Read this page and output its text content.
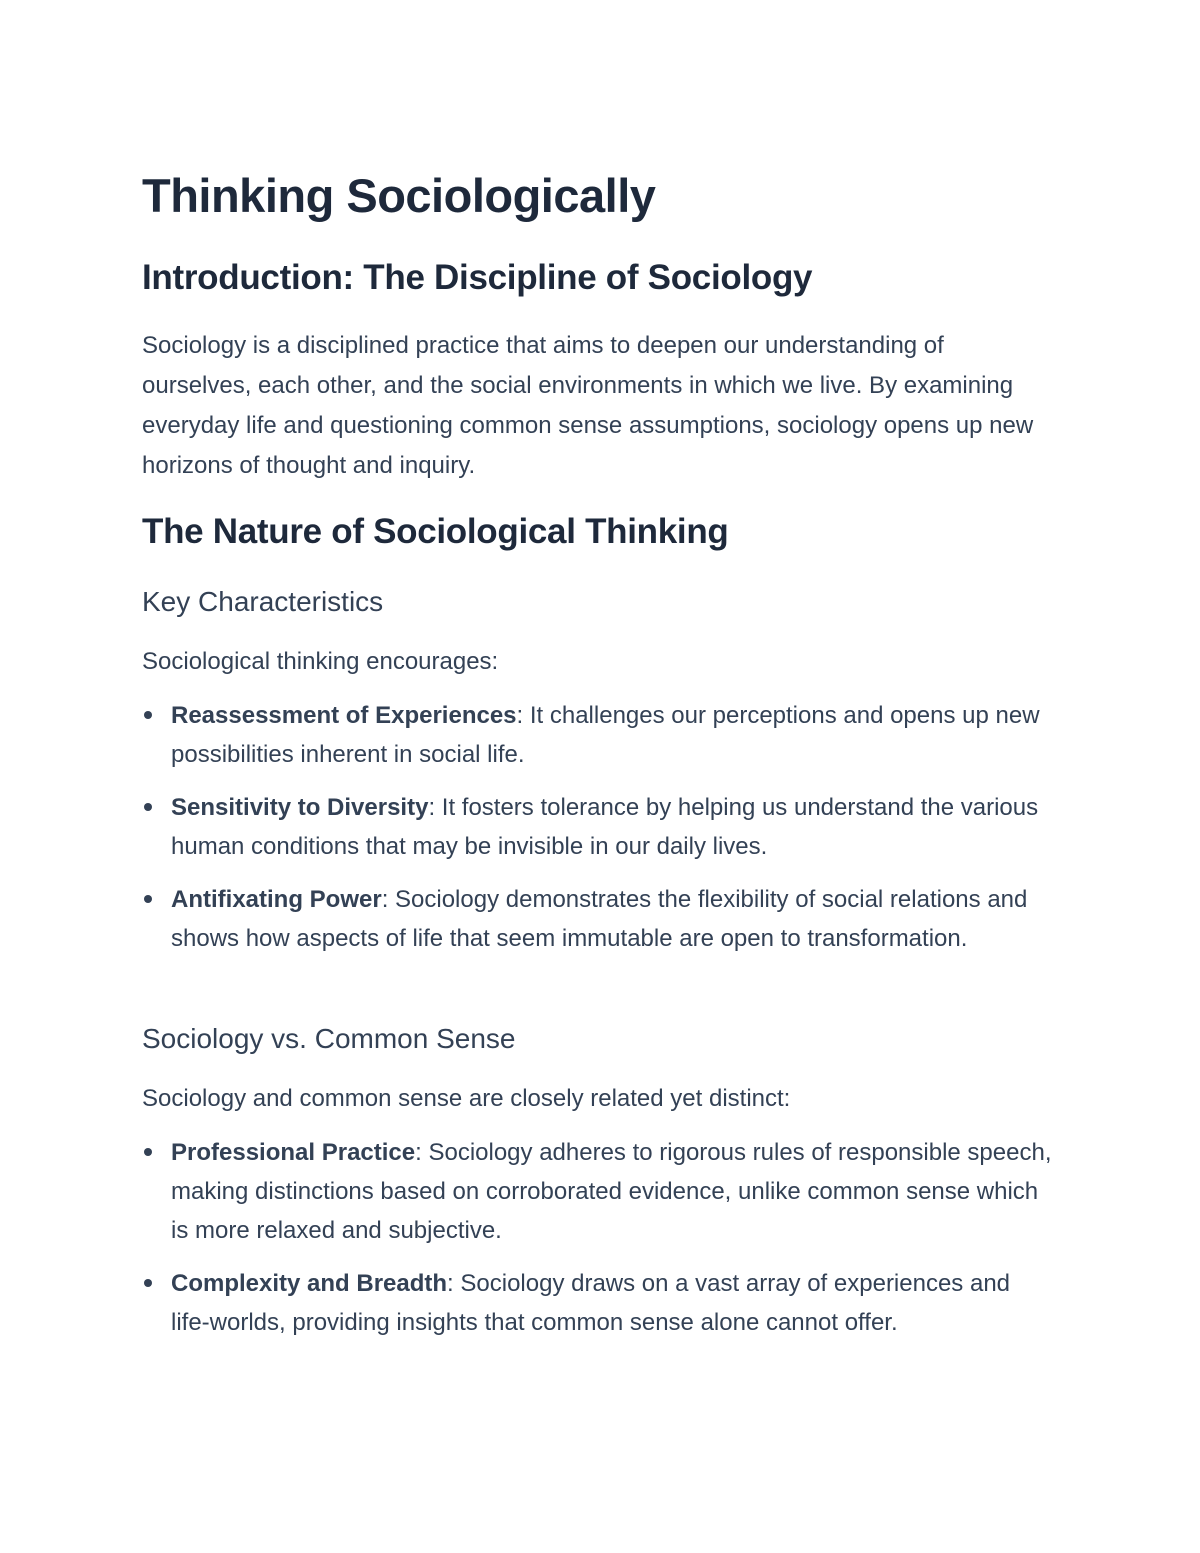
Thinking Sociologically
Introduction: The Discipline of Sociology

Sociology is a disciplined practice that aims to deepen our understanding of ourselves, each other, and the social environments in which we live. By examining everyday life and questioning common sense assumptions, sociology opens up new horizons of thought and inquiry.

The Nature of Sociological Thinking
Key Characteristics

Sociological thinking encourages:

Reassessment of Experiences: It challenges our perceptions and opens up new possibilities inherent in social life.
Sensitivity to Diversity: It fosters tolerance by helping us understand the various human conditions that may be invisible in our daily lives.
Antifixating Power: Sociology demonstrates the flexibility of social relations and shows how aspects of life that seem immutable are open to transformation.
Sociology vs. Common Sense

Sociology and common sense are closely related yet distinct:

Professional Practice: Sociology adheres to rigorous rules of responsible speech, making distinctions based on corroborated evidence, unlike common sense which is more relaxed and subjective.
Complexity and Breadth: Sociology draws on a vast array of experiences and life-worlds, providing insights that common sense alone cannot offer.
